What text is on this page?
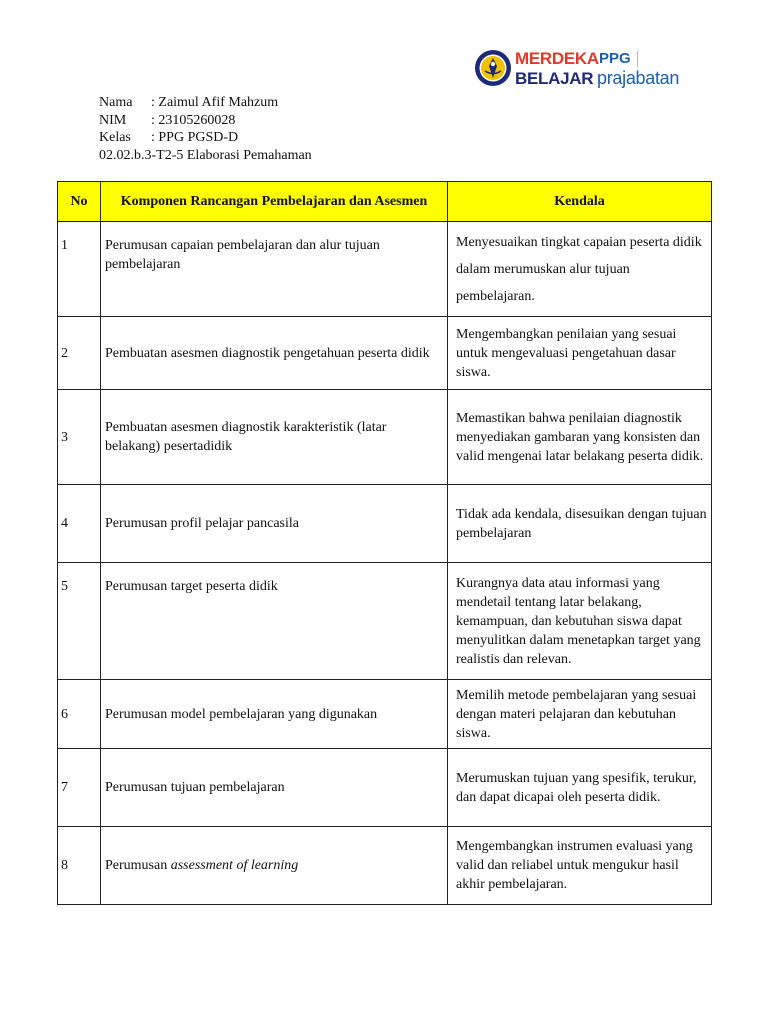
MERDEKA
BELAJAR
PPG
prajabatan
Nama	: Zaimul Afif Mahzum
NIM	: 23105260028
Kelas	: PPG PGSD-D
02.02.b.3-T2-5 Elaborasi Pemahaman
No	Komponen Rancangan Pembelajaran dan Asesmen	Kendala
1	Perumusan capaian pembelajaran dan alur tujuan pembelajaran	Menyesuaikan tingkat capaian peserta didik dalam merumuskan alur tujuan pembelajaran.
2	Pembuatan asesmen diagnostik pengetahuan peserta didik	Mengembangkan penilaian yang sesuai untuk mengevaluasi pengetahuan dasar siswa.
3	Pembuatan asesmen diagnostik karakteristik (latar belakang) pesertadidik	Memastikan bahwa penilaian diagnostik menyediakan gambaran yang konsisten dan valid mengenai latar belakang peserta didik.
4	Perumusan profil pelajar pancasila	Tidak ada kendala, disesuikan dengan tujuan pembelajaran
5	Perumusan target peserta didik	Kurangnya data atau informasi yang mendetail tentang latar belakang, kemampuan, dan kebutuhan siswa dapat menyulitkan dalam menetapkan target yang realistis dan relevan.
6	Perumusan model pembelajaran yang digunakan	Memilih metode pembelajaran yang sesuai dengan materi pelajaran dan kebutuhan siswa.
7	Perumusan tujuan pembelajaran	Merumuskan tujuan yang spesifik, terukur, dan dapat dicapai oleh peserta didik.
8	Perumusan assessment of learning	Mengembangkan instrumen evaluasi yang valid dan reliabel untuk mengukur hasil akhir pembelajaran.
